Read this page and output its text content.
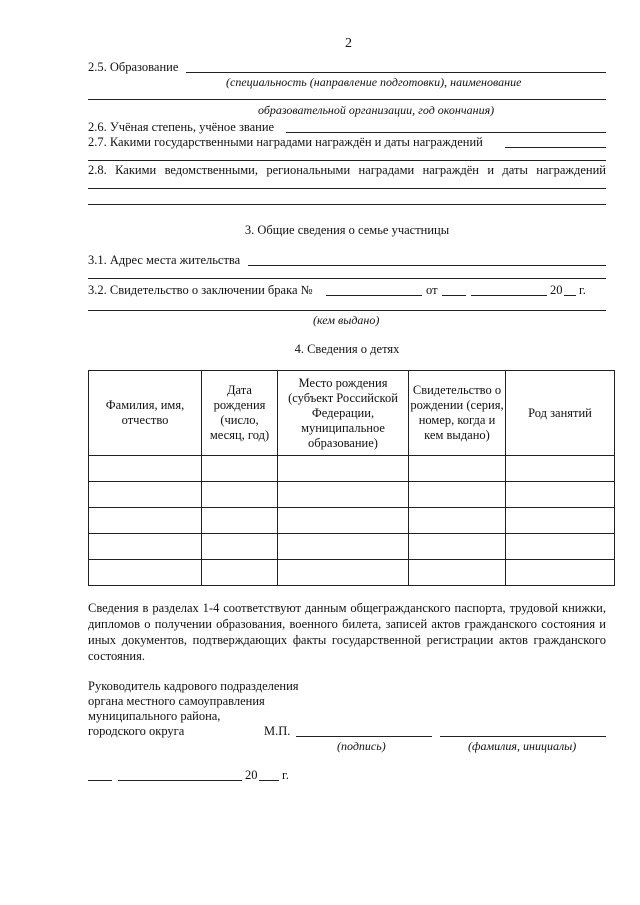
2
2.5. Образование
(специальность (направление подготовки), наименование
образовательной организации, год окончания)
2.6. Учёная степень, учёное звание
2.7. Какими государственными наградами награждён и даты награждений
2.8. Какими ведомственными, региональными наградами награждён и даты награждений
3. Общие сведения о семье участницы
3.1. Адрес места жительства
3.2. Свидетельство о заключении брака №	от	20 г.
(кем выдано)
4. Сведения о детях
Фамилия, имя, отчество	Дата рождения (число, месяц, год)	Место рождения (субъект Российской Федерации, муниципальное образование)	Свидетельство о рождении (серия, номер, когда и кем выдано)	Род занятий

Сведения в разделах 1-4 соответствуют данным общегражданского паспорта, трудовой книжки, дипломов о получении образования, военного билета, записей актов гражданского состояния и иных документов, подтверждающих факты государственной регистрации актов гражданского состояния.
Руководитель кадрового подразделения
органа местного самоуправления
муниципального района,
городского округа	М.П.
(подпись)	(фамилия, инициалы)
20 г.
